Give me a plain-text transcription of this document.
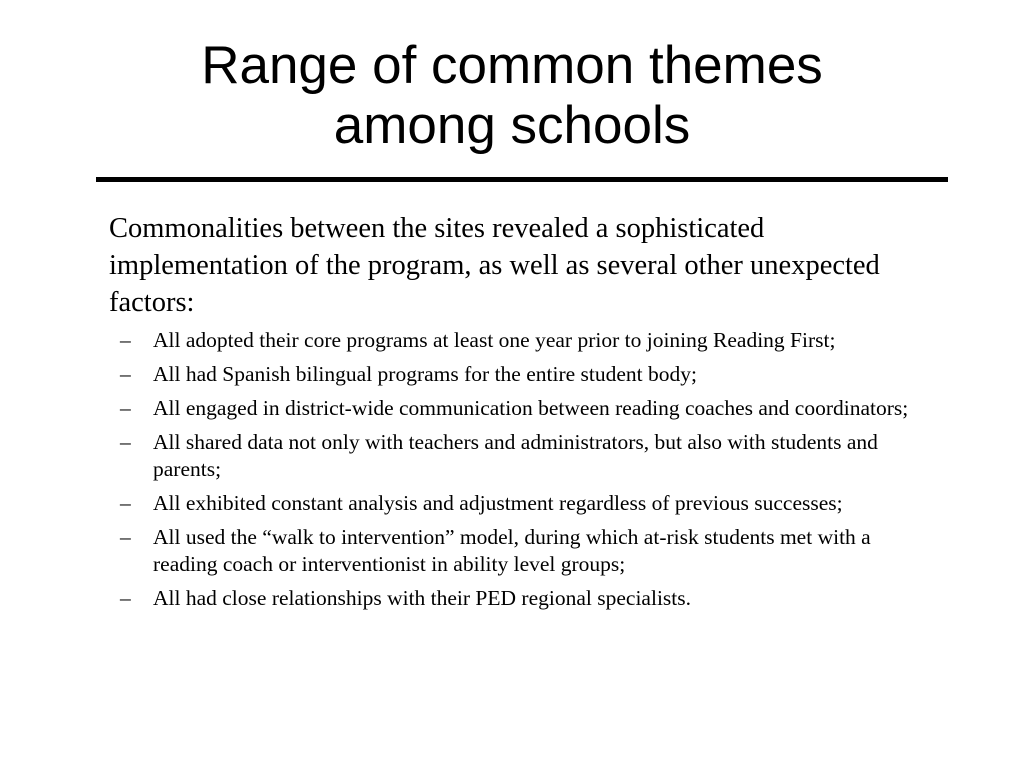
Range of common themes
among schools

Commonalities between the sites revealed a sophisticated implementation of the program, as well as several other unexpected factors:

– All adopted their core programs at least one year prior to joining Reading First;
– All had Spanish bilingual programs for the entire student body;
– All engaged in district-wide communication between reading coaches and coordinators;
– All shared data not only with teachers and administrators, but also with students and parents;
– All exhibited constant analysis and adjustment regardless of previous successes;
– All used the “walk to intervention” model, during which at-risk students met with a reading coach or interventionist in ability level groups;
– All had close relationships with their PED regional specialists.
